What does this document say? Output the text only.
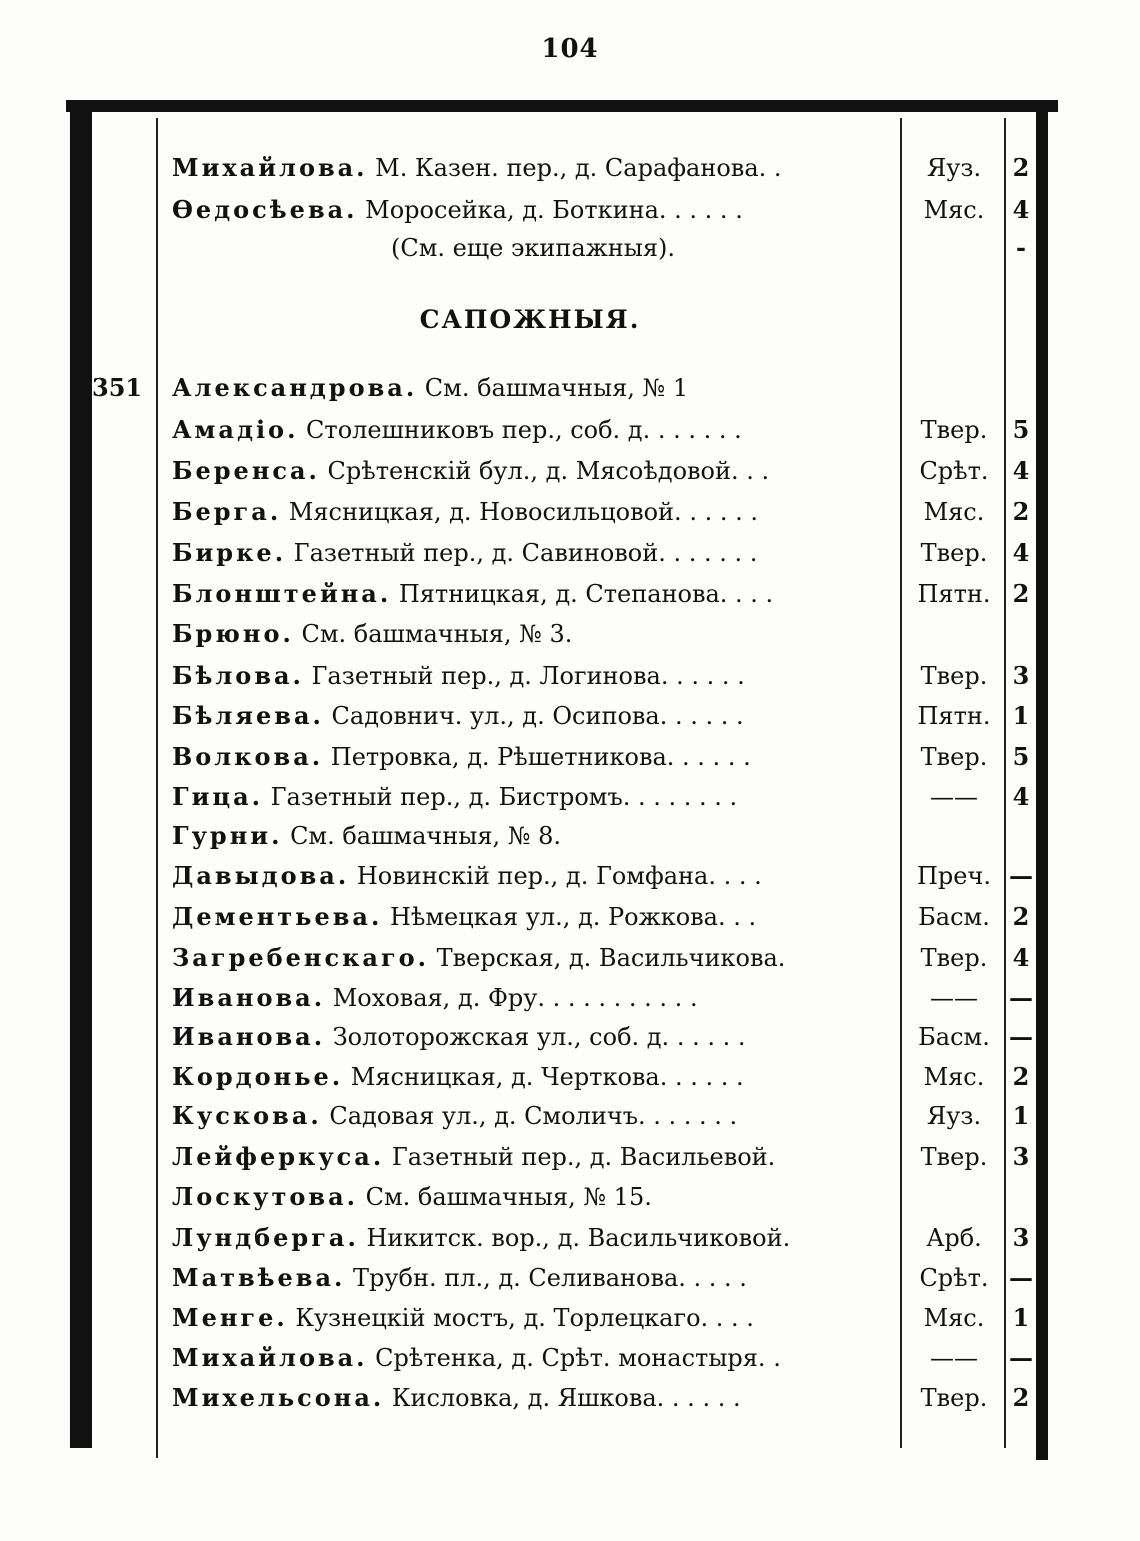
104
Михайлова. М. Казен. пер., д. Сарафанова. .	Яуз.	2
Өедосѣева. Моросейка, д. Боткина. . . . . .	Мяс.	4
(См. еще экипажныя).	-
САПОЖНЫЯ.
351	Александрова. См. башмачныя, № 1
Амадіо. Столешниковъ пер., соб. д. . . . . . .	Твер.	5
Беренса. Срѣтенскій бул., д. Мясоѣдовой. . .	Срѣт.	4
Берга. Мясницкая, д. Новосильцовой. . . . . .	Мяс.	2
Бирке. Газетный пер., д. Савиновой. . . . . . .	Твер.	4
Блонштейна. Пятницкая, д. Степанова. . . .	Пятн. 2
Брюно. См. башмачныя, № 3.
Бѣлова. Газетный пер., д. Логинова. . . . . .	Твер.	3
Бѣляева. Садовнич. ул., д. Осипова. . . . . .	Пятн. 1
Волкова. Петровка, д. Рѣшетникова. . . . . .	Твер.	5
Гица. Газетный пер., д. Бистромъ. . . . . . . .	——	4
Гурни. См. башмачныя, № 8.
Давыдова. Новинскій пер., д. Гомфана. . . .	Преч. —
Дементьева. Нѣмецкая ул., д. Рожкова. . .	Басм. 2
Загребенскаго. Тверская, д. Васильчикова.	Твер.	4
Иванова. Моховая, д. Фру. . . . . . . . . . .	——	—
Иванова. Золоторожская ул., соб. д. . . . . .	Басм. —
Кордонье. Мясницкая, д. Черткова. . . . . .	Мяс.	2
Кускова. Садовая ул., д. Смоличъ. . . . . . .	Яуз.	1
Лейферкуса. Газетный пер., д. Васильевой.	Твер.	3
Лоскутова. См. башмачныя, № 15.
Лундберга. Никитск. вор., д. Васильчиковой.	Арб.	3
Матвѣева. Трубн. пл., д. Селиванова. . . . .	Срѣт. —
Менге. Кузнецкій мостъ, д. Торлецкаго. . . .	Мяс.	1
Михайлова. Срѣтенка, д. Срѣт. монастыря. .	——	—
Михельсона. Кисловка, д. Яшкова. . . . . .	Твер.	2
